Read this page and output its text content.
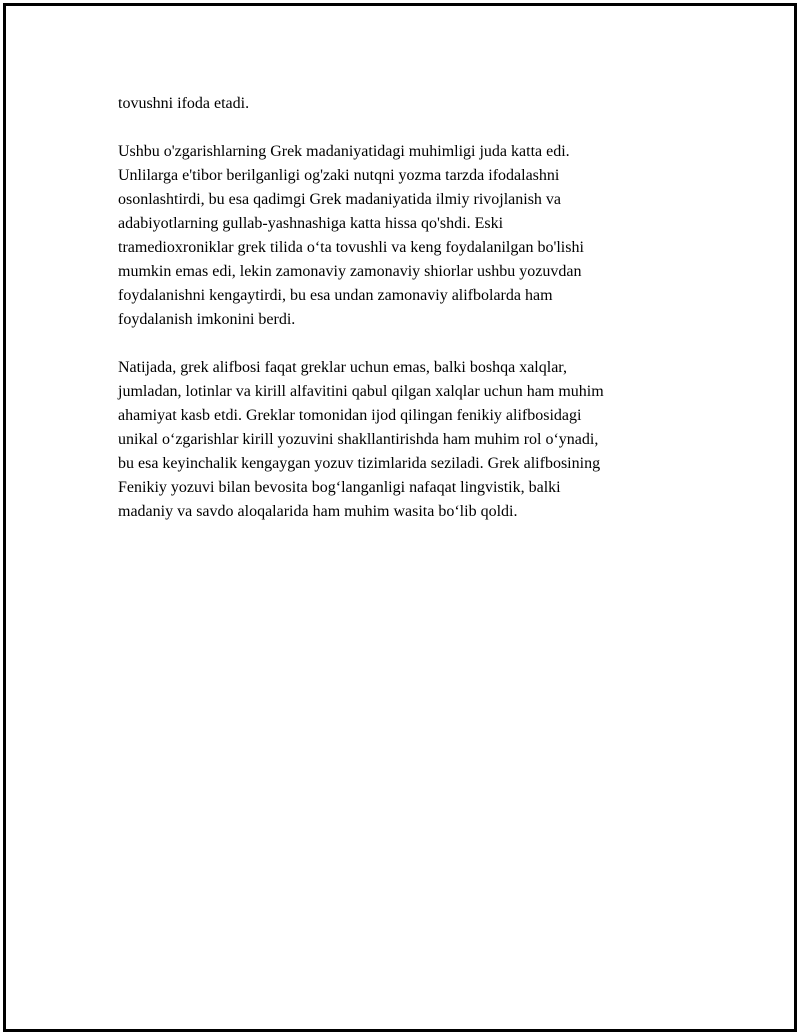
tovushni ifoda etadi.

Ushbu o'zgarishlarning Grek madaniyatidagi muhimligi juda katta edi.
Unlilarga e'tibor berilganligi og'zaki nutqni yozma tarzda ifodalashni
osonlashtirdi, bu esa qadimgi Grek madaniyatida ilmiy rivojlanish va
adabiyotlarning gullab-yashnashiga katta hissa qo'shdi. Eski
tramedioxroniklar grek tilida o‘ta tovushli va keng foydalanilgan bo'lishi
mumkin emas edi, lekin zamonaviy zamonaviy shiorlar ushbu yozuvdan
foydalanishni kengaytirdi, bu esa undan zamonaviy alifbolarda ham
foydalanish imkonini berdi.

Natijada, grek alifbosi faqat greklar uchun emas, balki boshqa xalqlar,
jumladan, lotinlar va kirill alfavitini qabul qilgan xalqlar uchun ham muhim
ahamiyat kasb etdi. Greklar tomonidan ijod qilingan fenikiy alifbosidagi
unikal o‘zgarishlar kirill yozuvini shakllantirishda ham muhim rol o‘ynadi,
bu esa keyinchalik kengaygan yozuv tizimlarida seziladi. Grek alifbosining
Fenikiy yozuvi bilan bevosita bog‘langanligi nafaqat lingvistik, balki
madaniy va savdo aloqalarida ham muhim wasita bo‘lib qoldi.
